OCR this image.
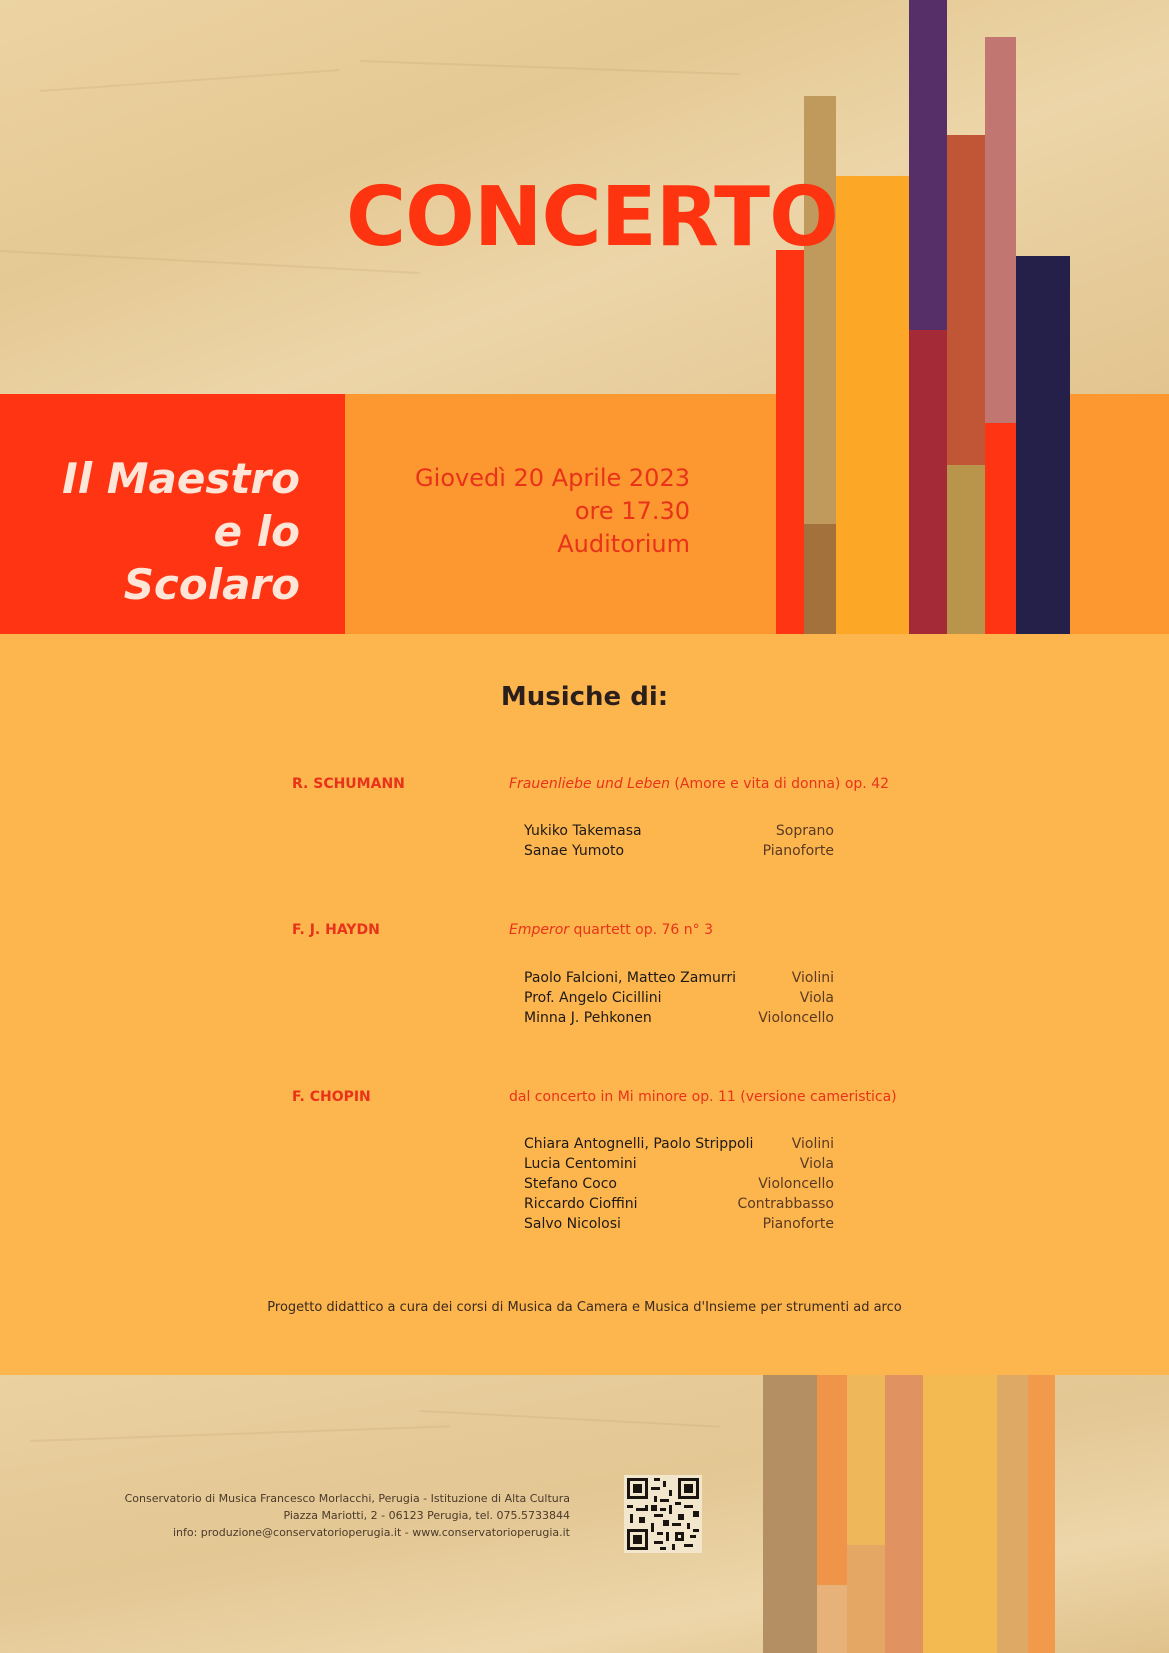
CONCERTO
Il Maestro
e lo Scolaro
Giovedì 20 Aprile 2023
ore 17.30
Auditorium
Musiche di:
R. SCHUMANN	Frauenliebe und Leben (Amore e vita di donna) op. 42
Yukiko Takemasa	Soprano
Sanae Yumoto	Pianoforte
F. J. HAYDN	Emperor quartett op. 76 n° 3
Paolo Falcioni, Matteo Zamurri	Violini
Prof. Angelo Cicillini	Viola
Minna J. Pehkonen	Violoncello
F. CHOPIN	dal concerto in Mi minore op. 11 (versione cameristica)
Chiara Antognelli, Paolo Strippoli	Violini
Lucia Centomini	Viola
Stefano Coco	Violoncello
Riccardo Cioffini	Contrabbasso
Salvo Nicolosi	Pianoforte
Progetto didattico a cura dei corsi di Musica da Camera e Musica d'Insieme per strumenti ad arco
Conservatorio di Musica Francesco Morlacchi, Perugia - Istituzione di Alta Cultura
Piazza Mariotti, 2 - 06123 Perugia, tel. 075.5733844
info: produzione@conservatorioperugia.it - www.conservatorioperugia.it
